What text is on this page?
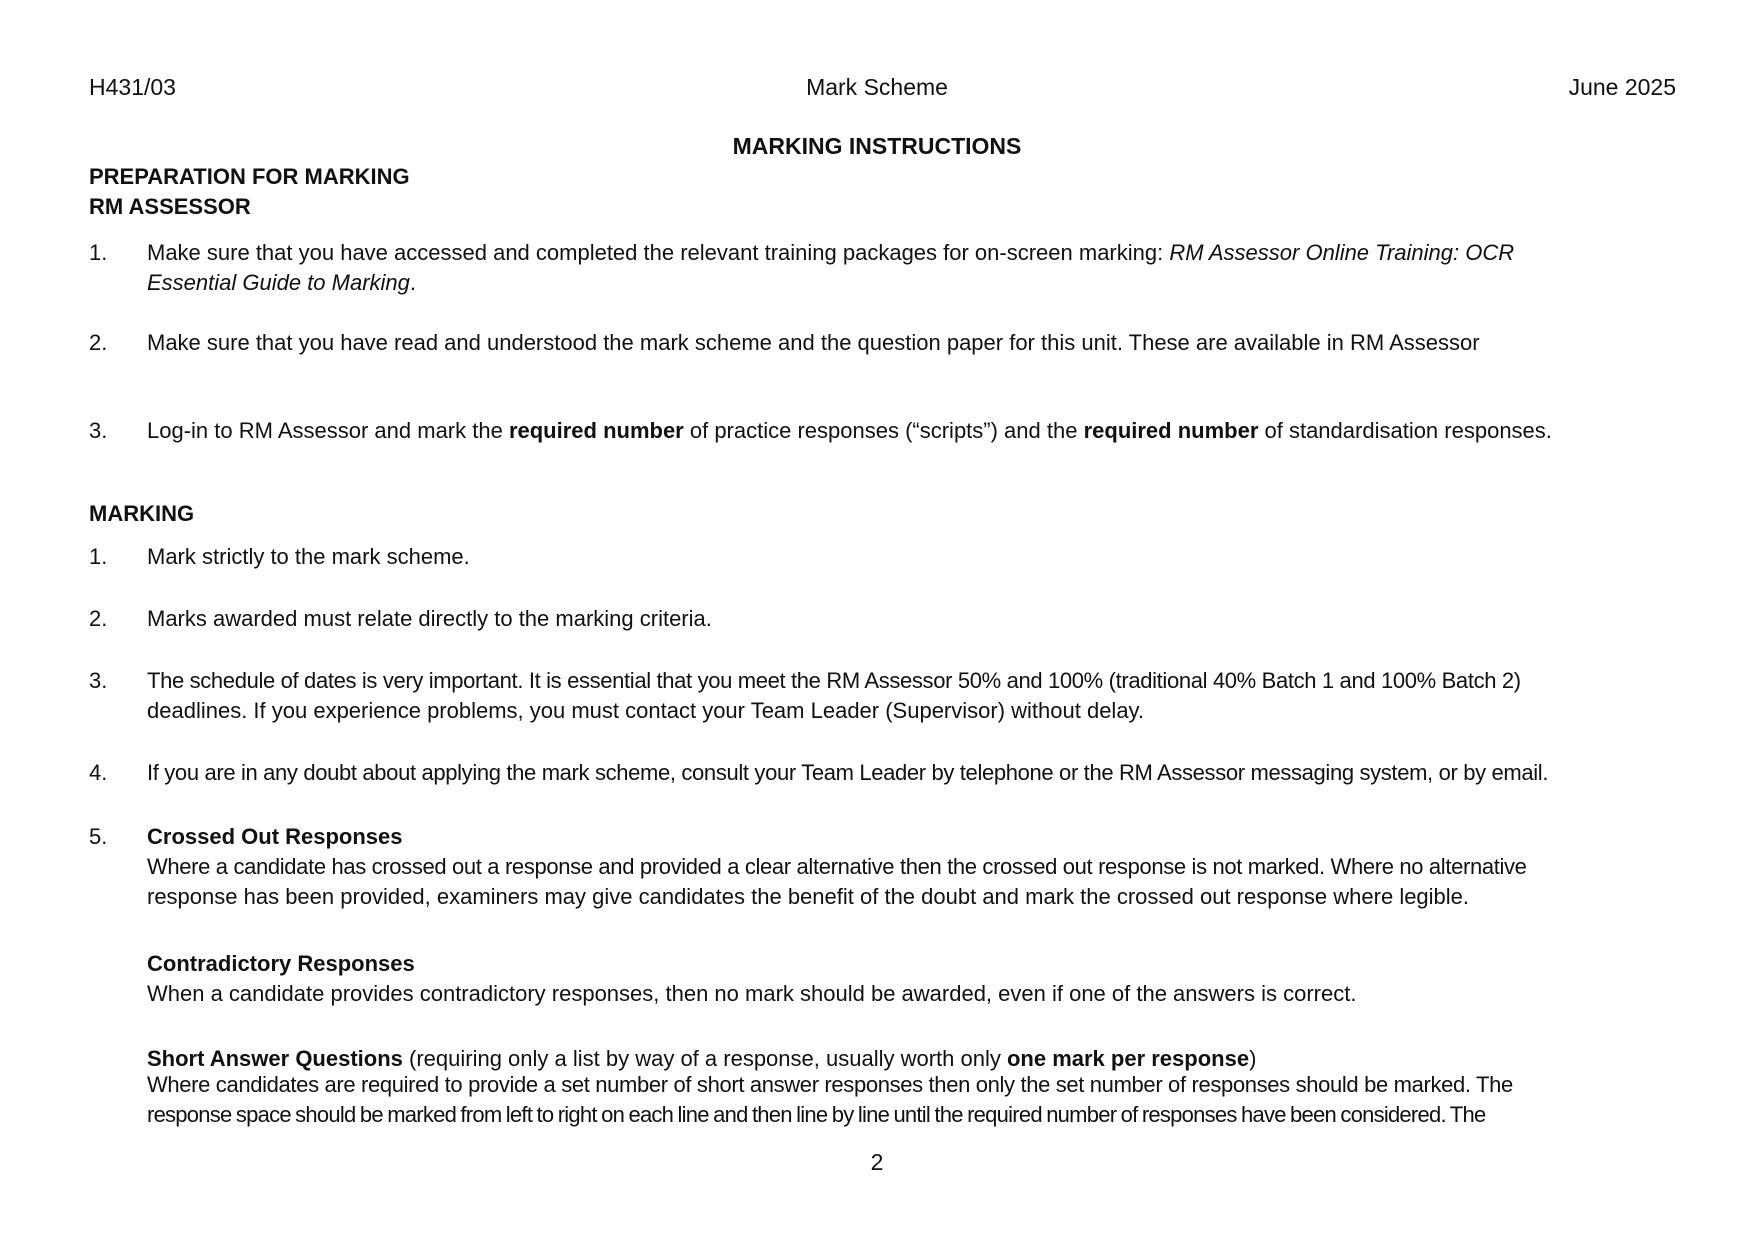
H431/03	Mark Scheme	June 2025
MARKING INSTRUCTIONS
PREPARATION FOR MARKING
RM ASSESSOR
1. Make sure that you have accessed and completed the relevant training packages for on-screen marking: RM Assessor Online Training: OCR
Essential Guide to Marking.
2. Make sure that you have read and understood the mark scheme and the question paper for this unit. These are available in RM Assessor
3. Log-in to RM Assessor and mark the required number of practice responses (“scripts”) and the required number of standardisation responses.
MARKING
1. Mark strictly to the mark scheme.
2. Marks awarded must relate directly to the marking criteria.
3. The schedule of dates is very important. It is essential that you meet the RM Assessor 50% and 100% (traditional 40% Batch 1 and 100% Batch 2)
deadlines. If you experience problems, you must contact your Team Leader (Supervisor) without delay.
4. If you are in any doubt about applying the mark scheme, consult your Team Leader by telephone or the RM Assessor messaging system, or by email.
5. Crossed Out Responses
Where a candidate has crossed out a response and provided a clear alternative then the crossed out response is not marked. Where no alternative
response has been provided, examiners may give candidates the benefit of the doubt and mark the crossed out response where legible.
Contradictory Responses
When a candidate provides contradictory responses, then no mark should be awarded, even if one of the answers is correct.
Short Answer Questions (requiring only a list by way of a response, usually worth only one mark per response)
Where candidates are required to provide a set number of short answer responses then only the set number of responses should be marked. The
response space should be marked from left to right on each line and then line by line until the required number of responses have been considered. The
2
